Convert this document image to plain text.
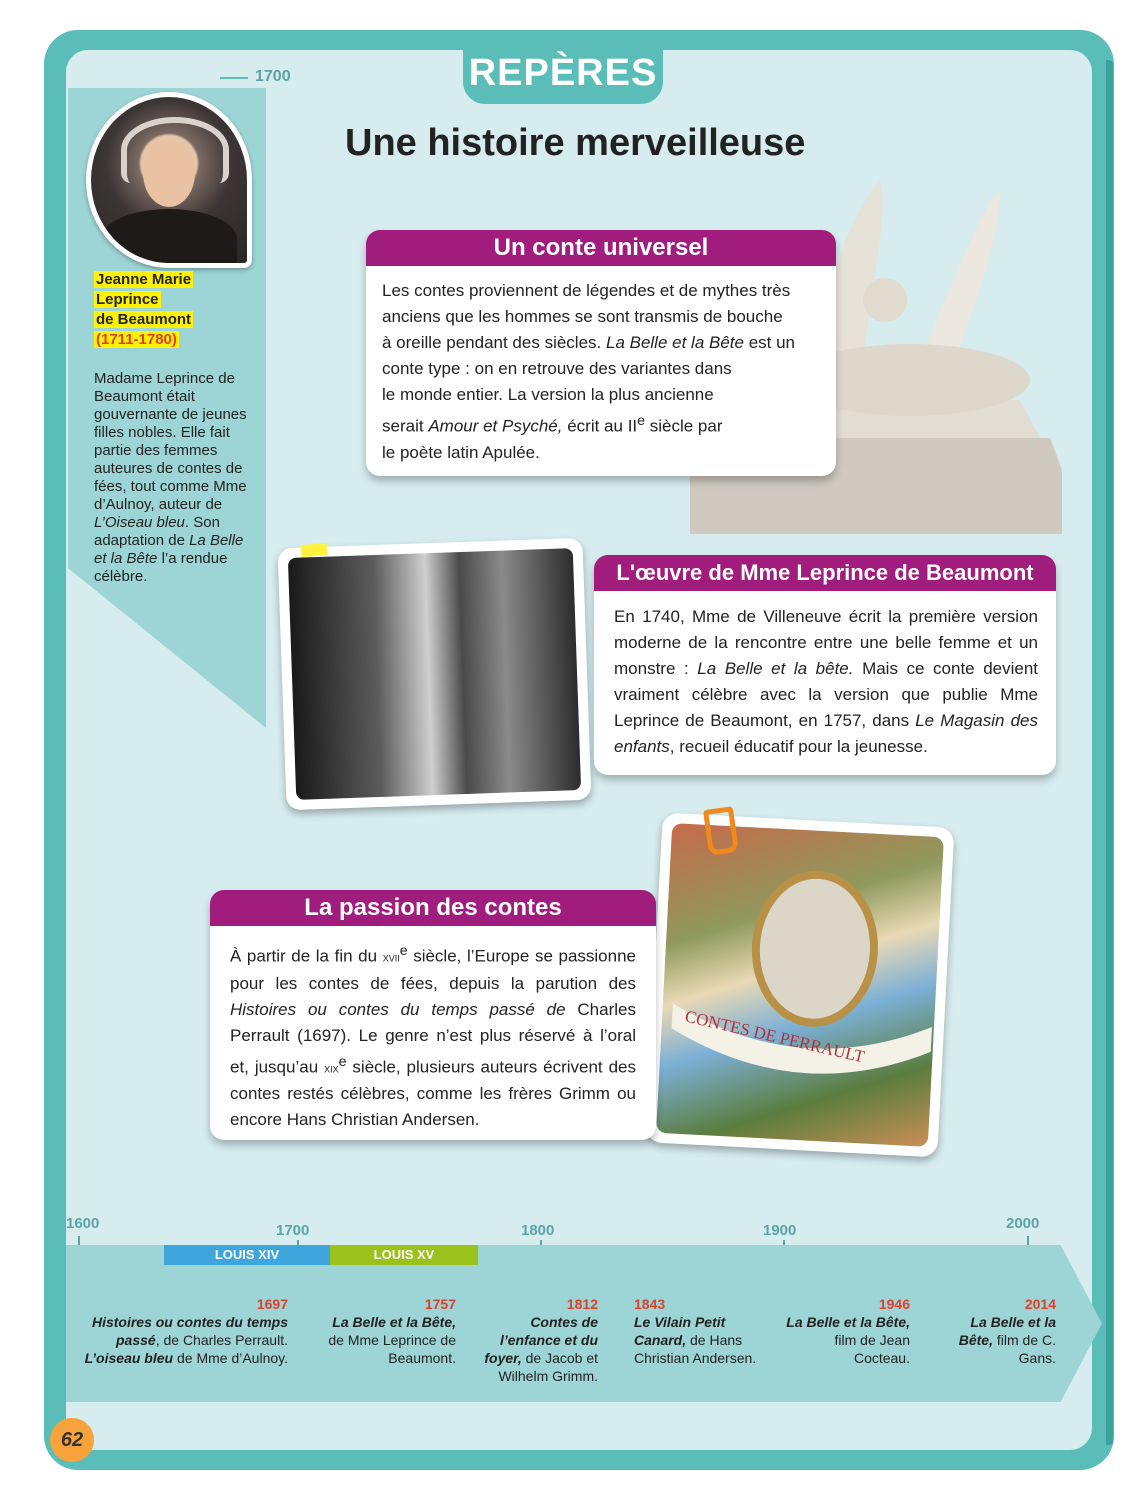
REPÈRES
1700
Jeanne Marie
Leprince
de Beaumont
(1711-1780)
Madame Leprince de Beaumont était gouvernante de jeunes filles nobles. Elle fait partie des femmes auteures de contes de fées, tout comme Mme d’Aulnoy, auteur de L’Oiseau bleu. Son adaptation de La Belle et la Bête l’a rendue célèbre.
Une histoire merveilleuse
Un conte universel
Les contes proviennent de légendes et de mythes très
anciens que les hommes se sont transmis de bouche
à oreille pendant des siècles. La Belle et la Bête est un
conte type : on en retrouve des variantes dans
le monde entier. La version la plus ancienne
serait Amour et Psyché, écrit au IIe siècle par
le poète latin Apulée.
L'œuvre de Mme Leprince de Beaumont
En 1740, Mme de Villeneuve écrit la première version moderne de la rencontre entre une belle femme et un monstre : La Belle et la bête. Mais ce conte devient vraiment célèbre avec la version que publie Mme Leprince de Beaumont, en 1757, dans Le Magasin des enfants, recueil éducatif pour la jeunesse.
CONTES DE PERRAULT
La passion des contes
À partir de la fin du xvii$^e$ siècle, l’Europe se passionne pour les contes de fées, depuis la parution des Histoires ou contes du temps passé de Charles Perrault (1697). Le genre n’est plus réservé à l’oral et, jusqu’au xix$^e$ siècle, plusieurs auteurs écrivent des contes restés célèbres, comme les frères Grimm ou encore Hans Christian Andersen.
1600	1700	1800	1900	2000
LOUIS XIV	LOUIS XV
1697
Histoires ou contes du temps passé, de Charles Perrault.
L’oiseau bleu de Mme d’Aulnoy.
1757
La Belle et la Bête, de Mme Leprince de Beaumont.
1812
Contes de l’enfance et du foyer, de Jacob et Wilhelm Grimm.
1843
Le Vilain Petit Canard, de Hans Christian Andersen.
1946
La Belle et la Bête, film de Jean Cocteau.
2014
La Belle et la Bête, film de C. Gans.
62
